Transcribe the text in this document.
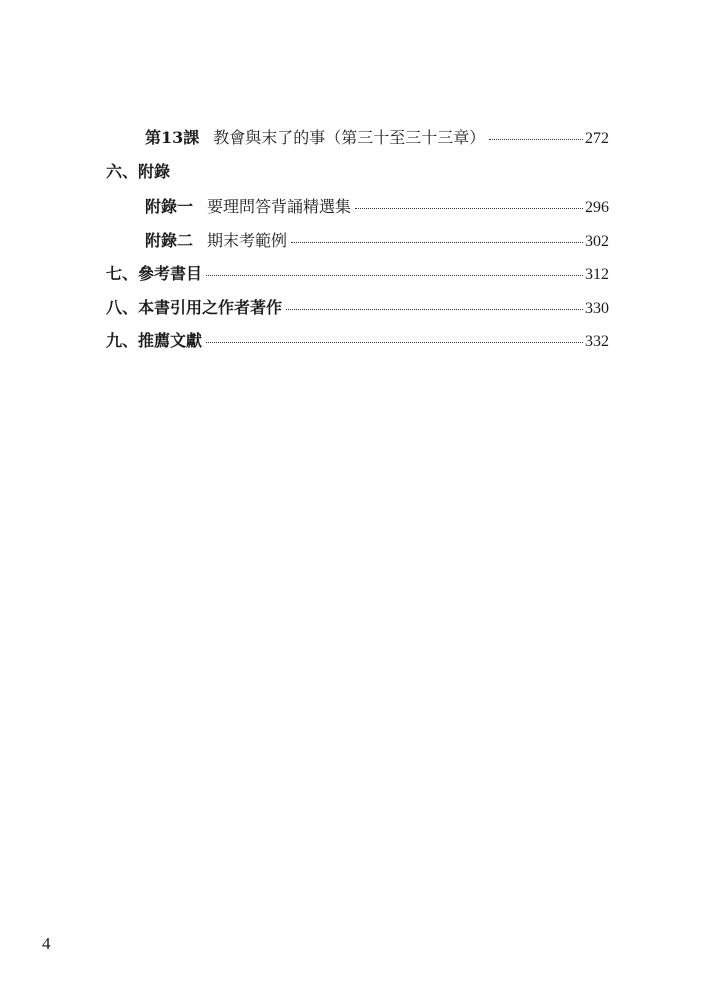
第13課 教會與末了的事（第三十至三十三章）	272
六、附錄
附錄一 要理問答背誦精選集	296
附錄二 期末考範例	302
七、參考書目	312
八、本書引用之作者著作	330
九、推薦文獻	332
4
